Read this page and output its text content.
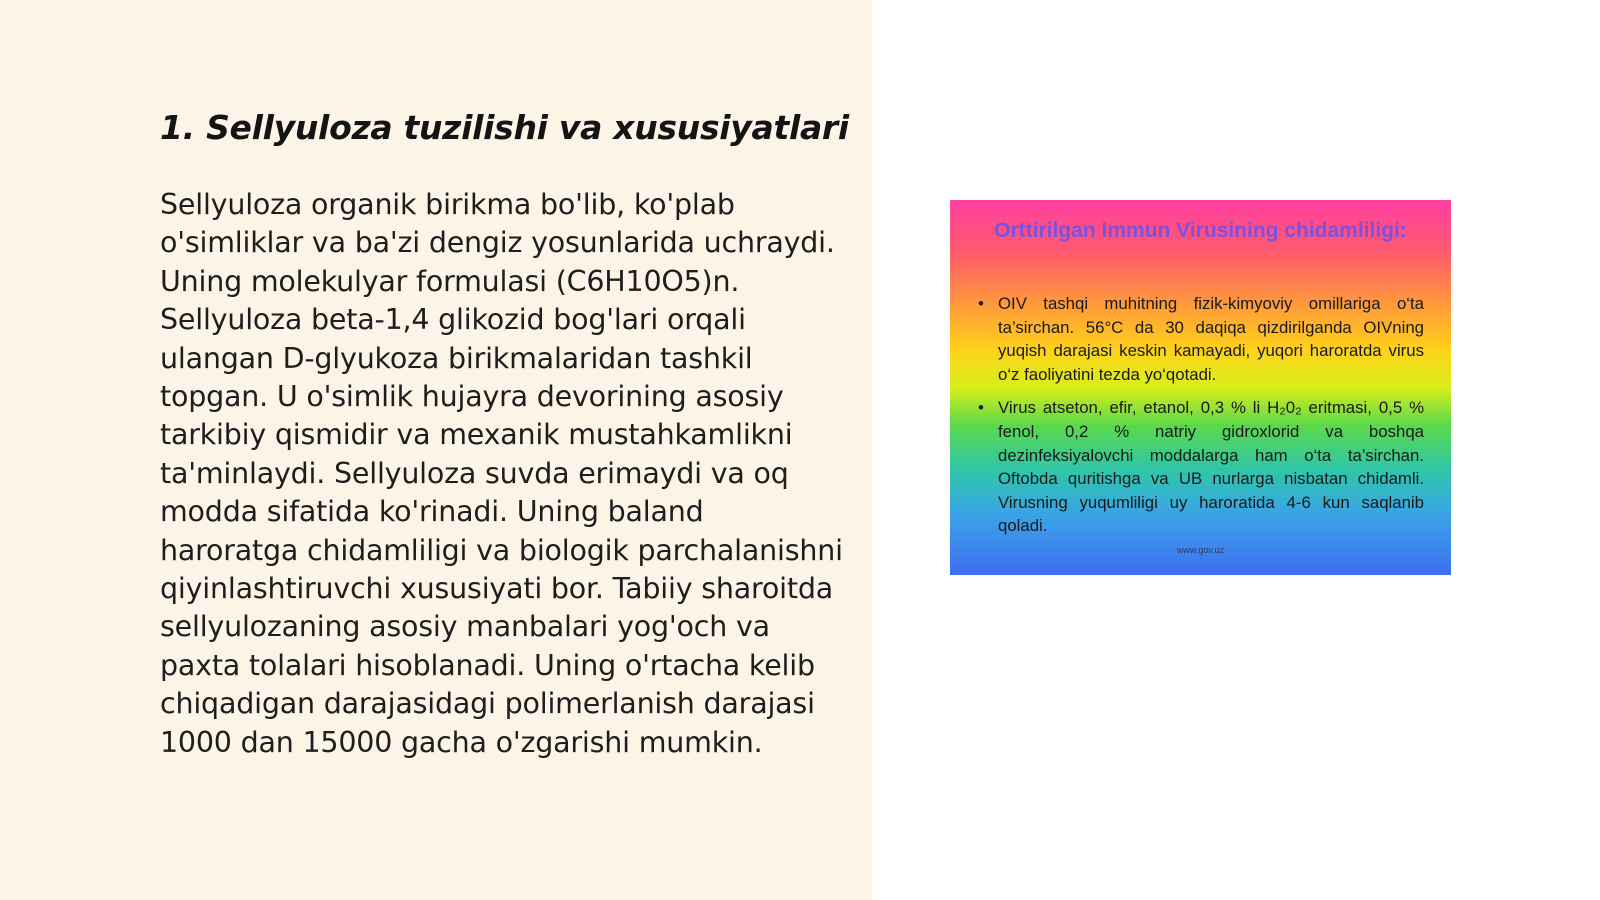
1. Sellyuloza tuzilishi va xususiyatlari

Sellyuloza organik birikma bo'lib, ko'plab o'simliklar va ba'zi dengiz yosunlarida uchraydi. Uning molekulyar formulasi (C6H10O5)n. Sellyuloza beta-1,4 glikozid bog'lari orqali ulangan D-glyukoza birikmalaridan tashkil topgan. U o'simlik hujayra devorining asosiy tarkibiy qismidir va mexanik mustahkamlikni ta'minlaydi. Sellyuloza suvda erimaydi va oq modda sifatida ko'rinadi. Uning baland haroratga chidamliligi va biologik parchalanishni qiyinlashtiruvchi xususiyati bor. Tabiiy sharoitda sellyulozaning asosiy manbalari yog'och va paxta tolalari hisoblanadi. Uning o'rtacha kelib chiqadigan darajasidagi polimerlanish darajasi 1000 dan 15000 gacha o'zgarishi mumkin.

Orttirilgan Immun Virusining chidamliligi:
• OIV tashqi muhitning fizik-kimyoviy omillariga o‘ta ta’sirchan. 56°C da 30 daqiqa qizdirilganda OIVning yuqish darajasi keskin kamayadi, yuqori haroratda virus o‘z faoliyatini tezda yo‘qotadi.
• Virus atseton, efir, etanol, 0,3 % li H₂0₂ eritmasi, 0,5 % fenol, 0,2 % natriy gidroxlorid va boshqa dezinfeksiyalovchi moddalarga ham o‘ta ta’sirchan. Oftobda quritishga va UB nurlarga nisbatan chidamli. Virusning yuqumliligi uy haroratida 4-6 kun saqlanib qoladi.

www.gov.uz
